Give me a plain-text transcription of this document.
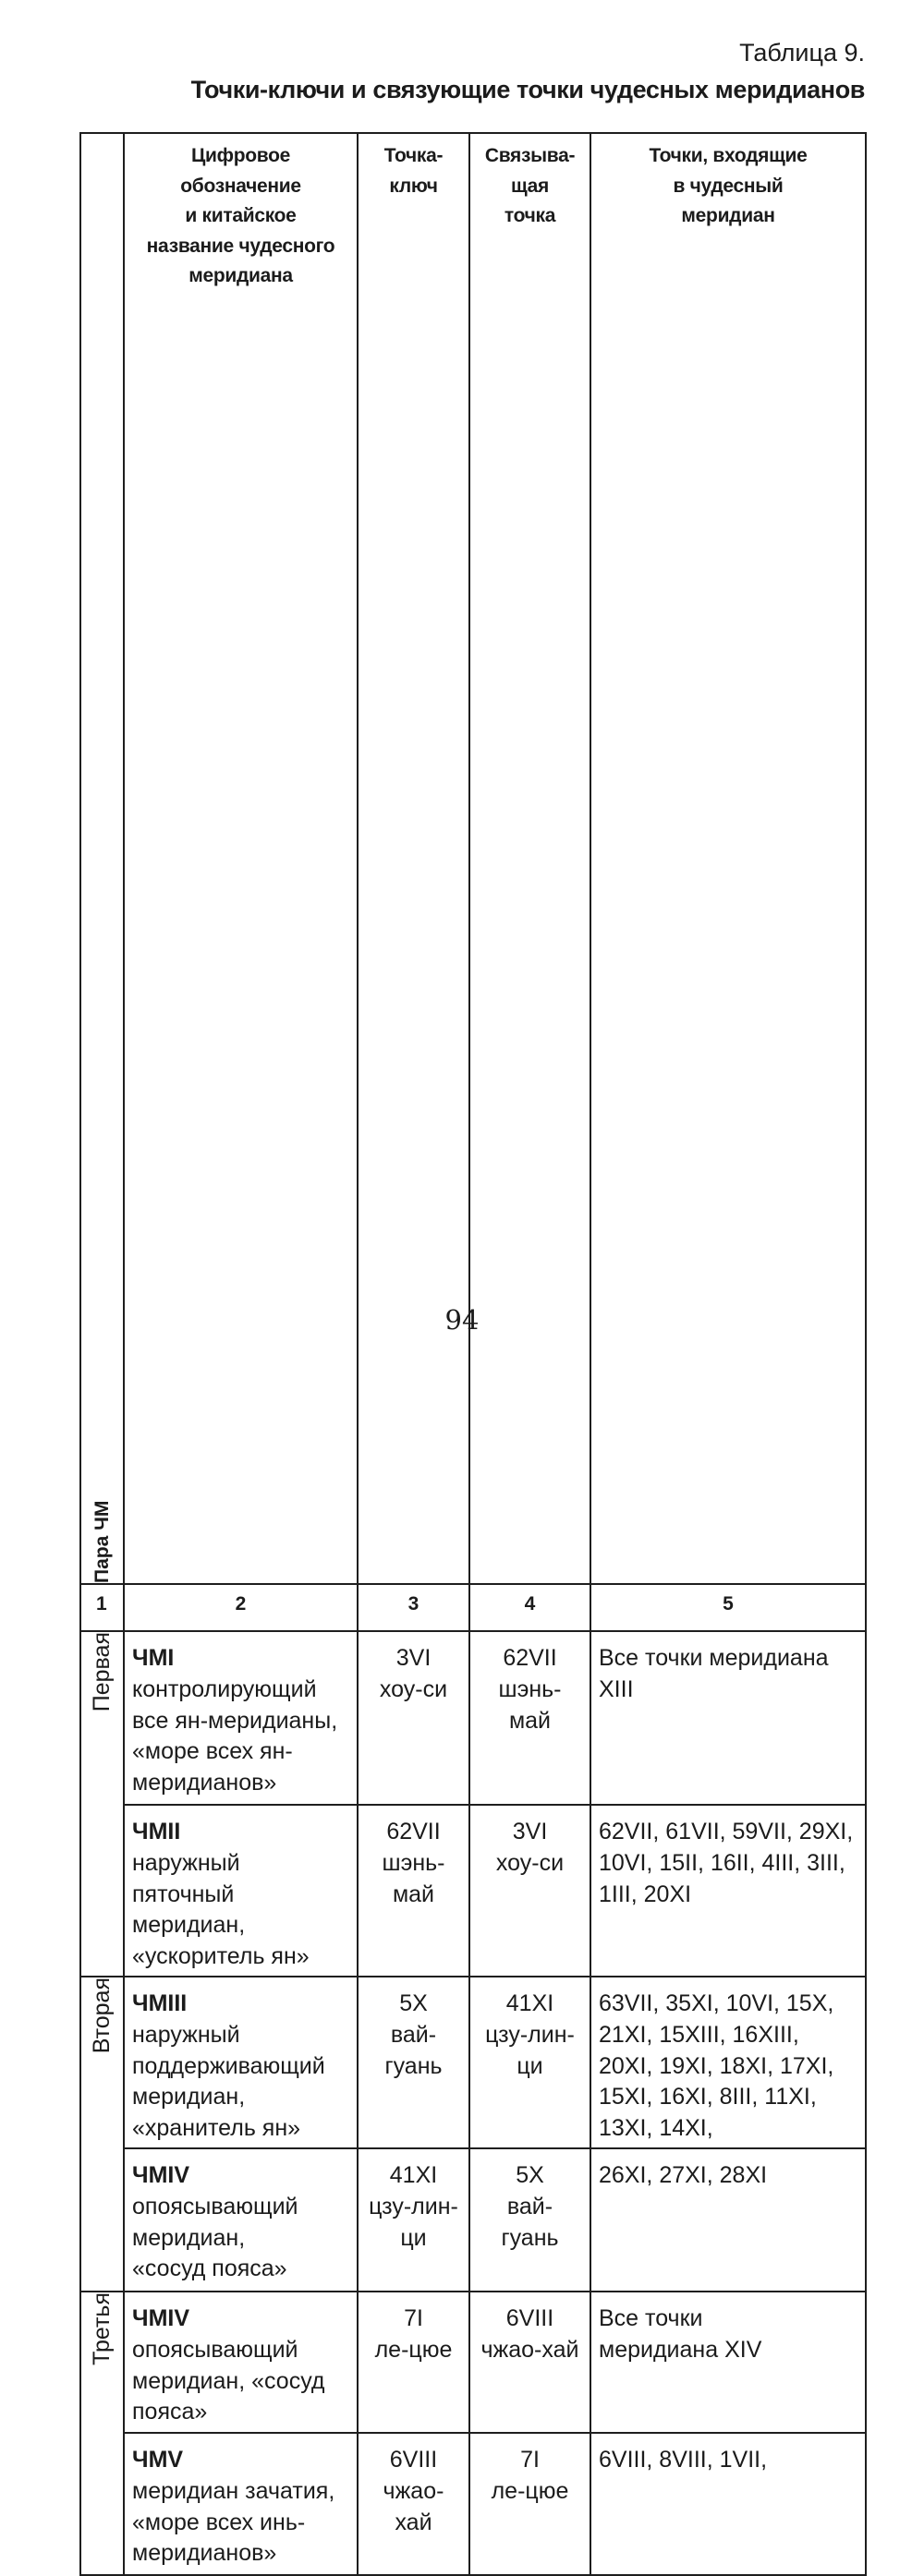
Таблица 9.

Точки-ключи и связующие точки чудесных меридианов

Цифровое
обозначение
и китайское
название чудесного
меридиана

Точка-
ключ

Связыва-
щая
точка

Точки, входящие
в чудесный
меридиан

94
